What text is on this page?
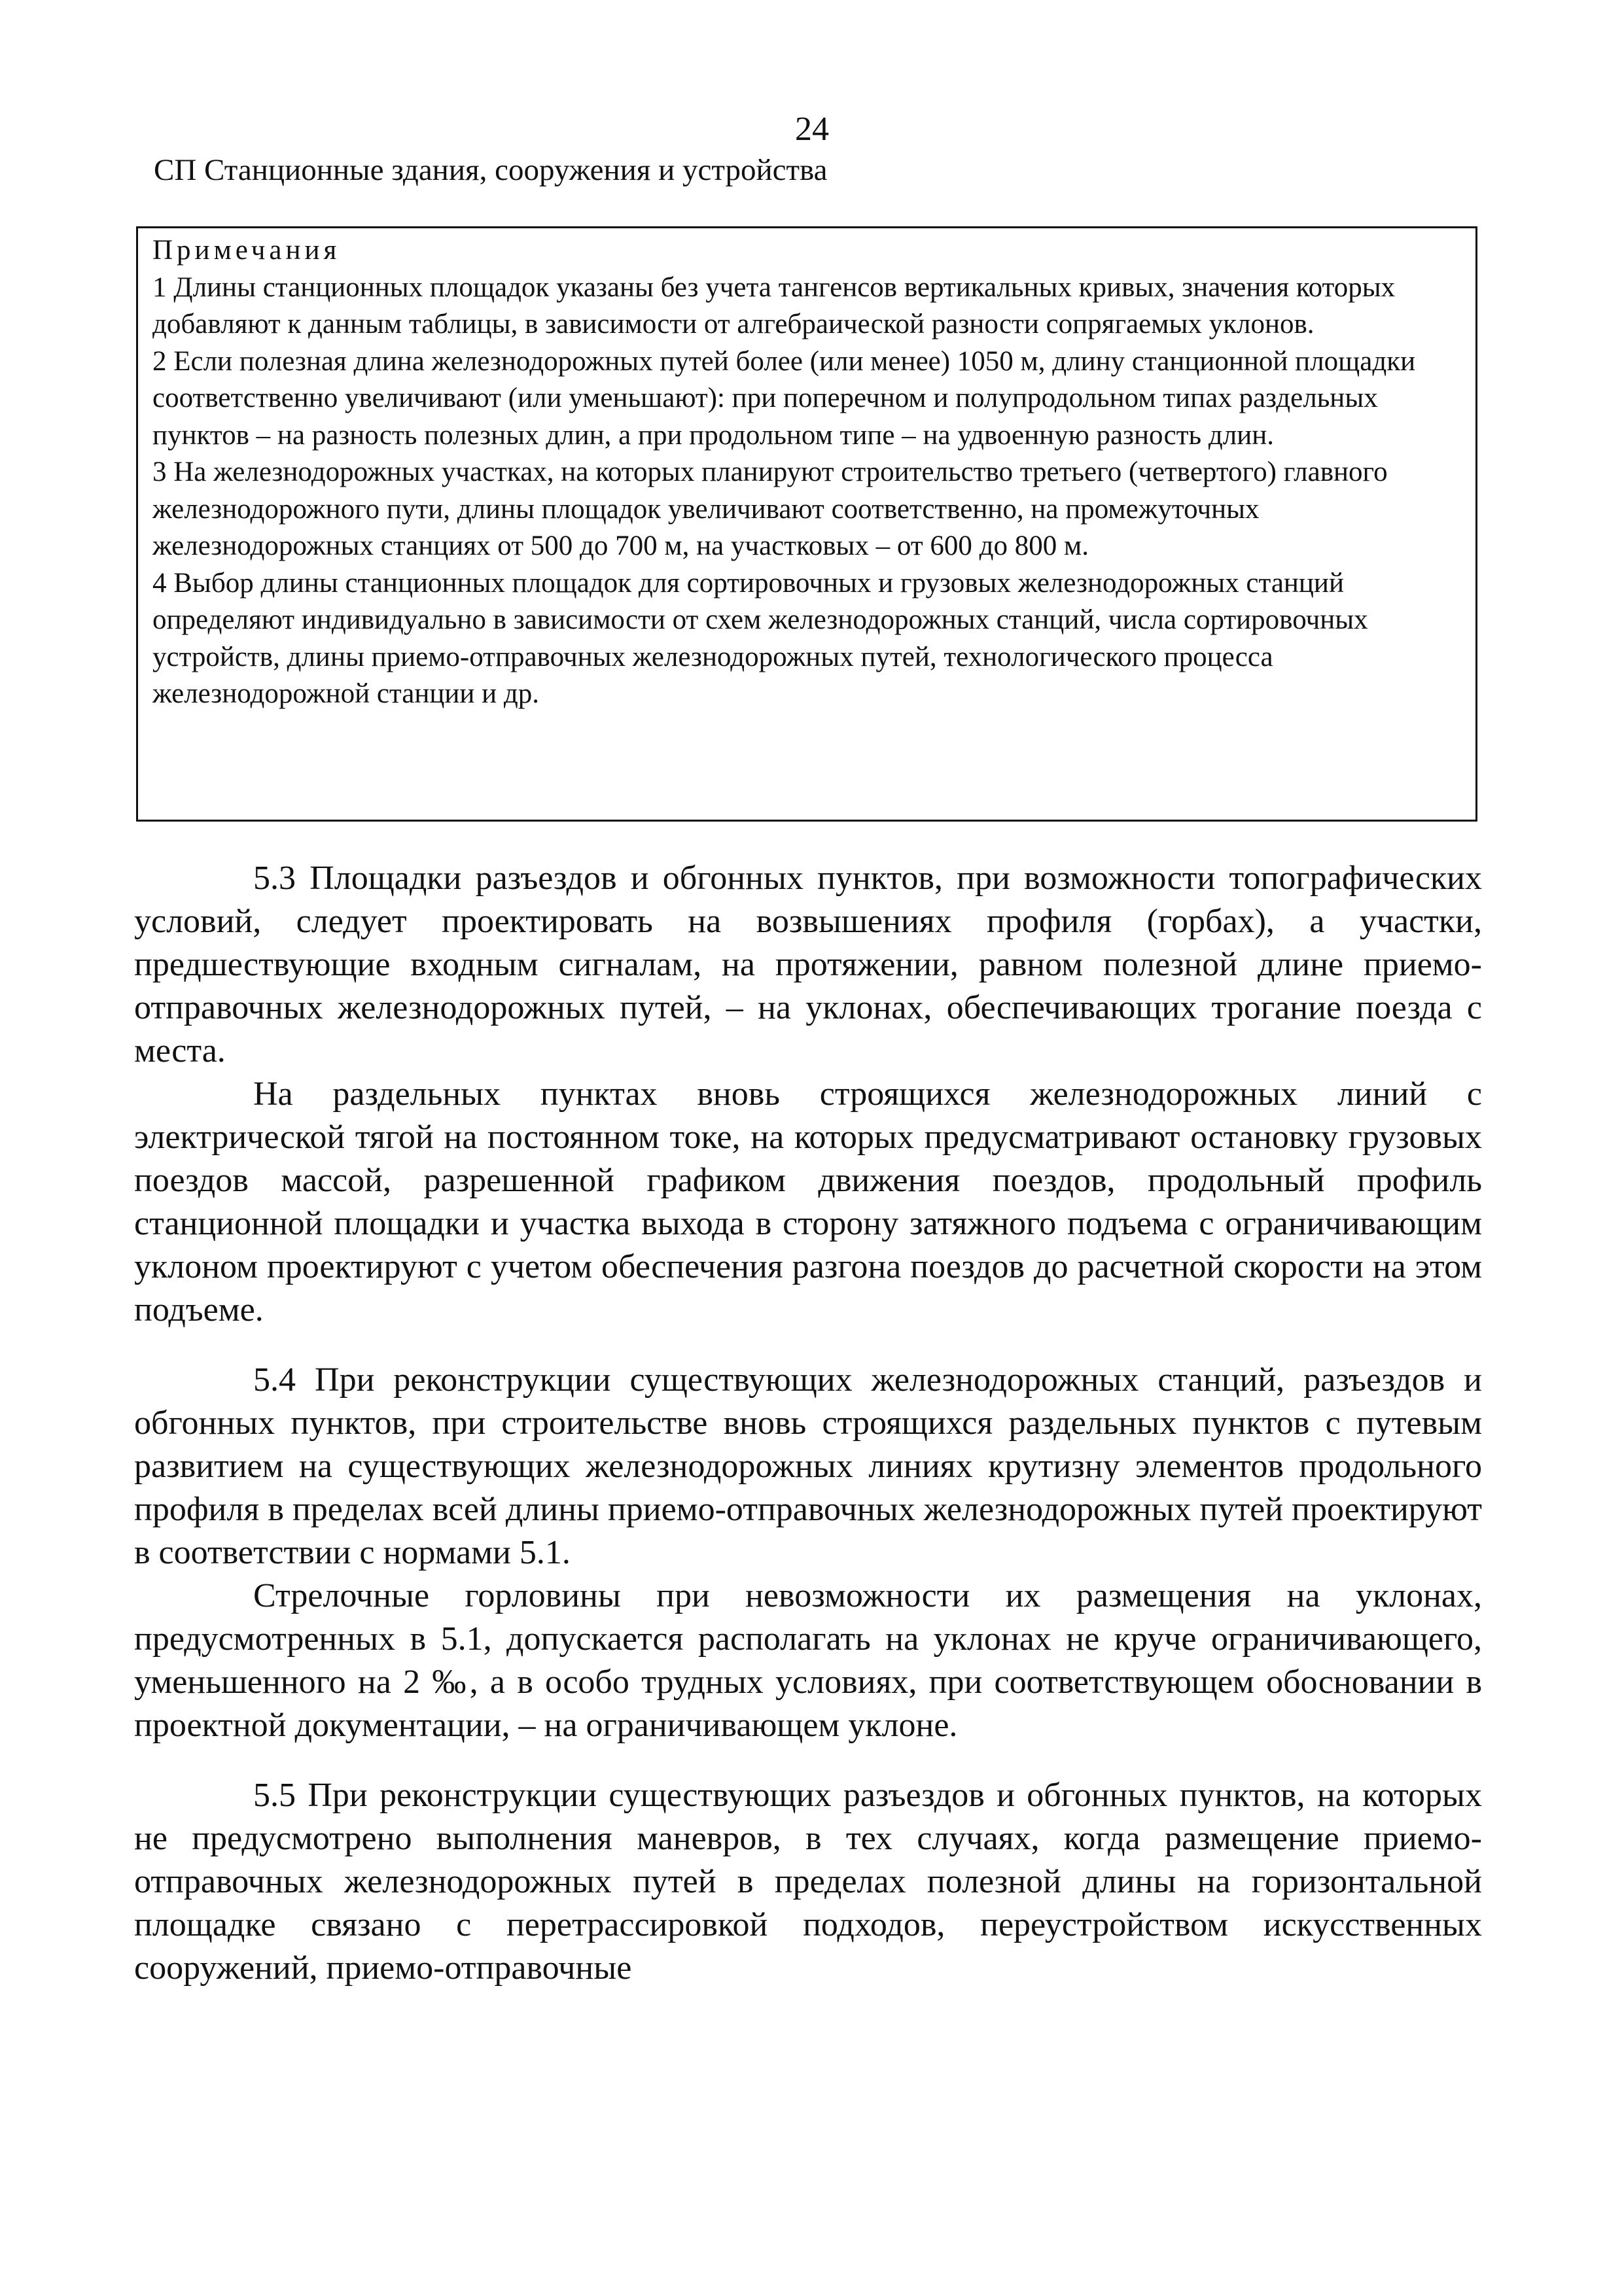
24
СП Станционные здания, сооружения и устройства

Примечания

1 Длины станционных площадок указаны без учета тангенсов вертикальных кривых, значения которых добавляют к данным таблицы, в зависимости от алгебраической разности сопрягаемых уклонов.

2 Если полезная длина железнодорожных путей более (или менее) 1050 м, длину станционной площадки соответственно увеличивают (или уменьшают): при поперечном и полупродольном типах раздельных пунктов – на разность полезных длин, а при продольном типе – на удвоенную разность длин.

3 На железнодорожных участках, на которых планируют строительство третьего (четвертого) главного железнодорожного пути, длины площадок увеличивают соответственно, на промежуточных железнодорожных станциях от 500 до 700 м, на участковых – от 600 до 800 м.

4 Выбор длины станционных площадок для сортировочных и грузовых железнодорожных станций определяют индивидуально в зависимости от схем железнодорожных станций, числа сортировочных устройств, длины приемо-отправочных железнодорожных путей, технологического процесса железнодорожной станции и др.

5.3 Площадки разъездов и обгонных пунктов, при возможности топографических условий, следует проектировать на возвышениях профиля (горбах), а участки, предшествующие входным сигналам, на протяжении, равном полезной длине приемо-отправочных железнодорожных путей, – на уклонах, обеспечивающих трогание поезда с места.

На раздельных пунктах вновь строящихся железнодорожных линий с электрической тягой на постоянном токе, на которых предусматривают остановку грузовых поездов массой, разрешенной графиком движения поездов, продольный профиль станционной площадки и участка выхода в сторону затяжного подъема с ограничивающим уклоном проектируют с учетом обеспечения разгона поездов до расчетной скорости на этом подъеме.

5.4 При реконструкции существующих железнодорожных станций, разъездов и обгонных пунктов, при строительстве вновь строящихся раздельных пунктов с путевым развитием на существующих железнодорожных линиях крутизну элементов продольного профиля в пределах всей длины приемо-отправочных железнодорожных путей проектируют в соответствии с нормами 5.1.

Стрелочные горловины при невозможности их размещения на уклонах, предусмотренных в 5.1, допускается располагать на уклонах не круче ограничивающего, уменьшенного на 2 ‰, а в особо трудных условиях, при соответствующем обосновании в проектной документации, – на ограничивающем уклоне.

5.5 При реконструкции существующих разъездов и обгонных пунктов, на которых не предусмотрено выполнения маневров, в тех случаях, когда размещение приемо-отправочных железнодорожных путей в пределах полезной длины на горизонтальной площадке связано с перетрассировкой подходов, переустройством искусственных сооружений, приемо-отправочные
